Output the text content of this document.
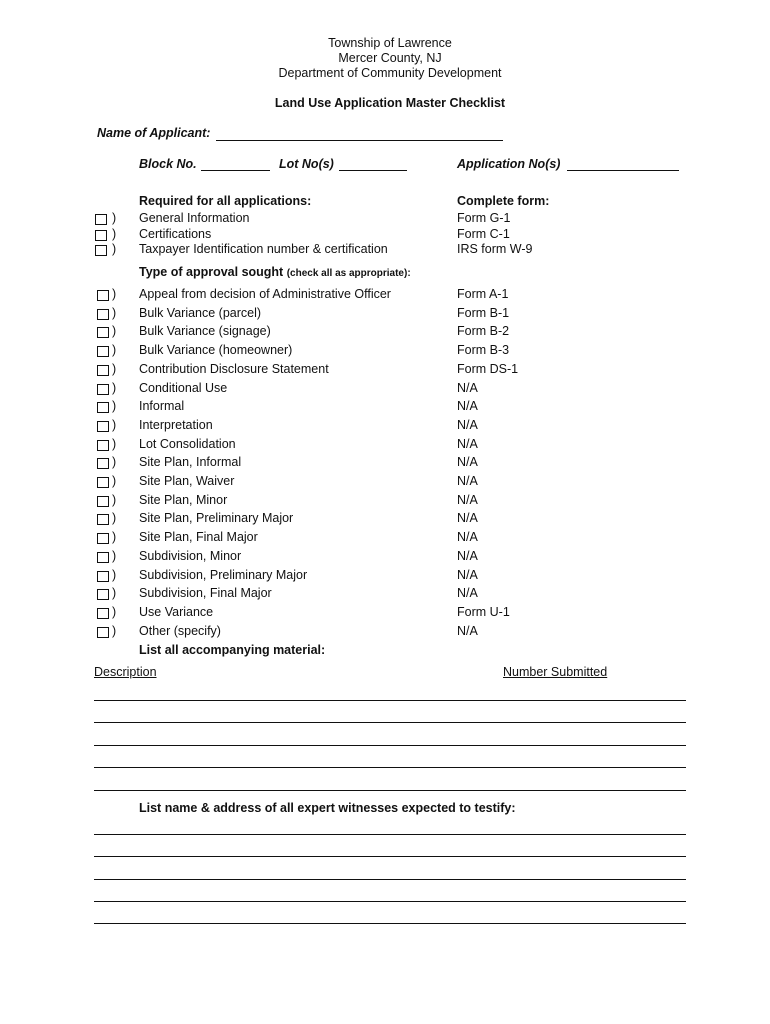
Township of Lawrence
Mercer County, NJ
Department of Community Development
Land Use Application Master Checklist
Name of Applicant:
Block No.	Lot No(s)	Application No(s)
Required for all applications:	Complete form:
) General Information	Form G-1
) Certifications	Form C-1
) Taxpayer Identification number & certification	IRS form W-9
Type of approval sought (check all as appropriate):
) Appeal from decision of Administrative Officer	Form A-1
) Bulk Variance (parcel)	Form B-1
) Bulk Variance (signage)	Form B-2
) Bulk Variance (homeowner)	Form B-3
) Contribution Disclosure Statement	Form DS-1
) Conditional Use	N/A
) Informal	N/A
) Interpretation	N/A
) Lot Consolidation	N/A
) Site Plan, Informal	N/A
) Site Plan, Waiver	N/A
) Site Plan, Minor	N/A
) Site Plan, Preliminary Major	N/A
) Site Plan, Final Major	N/A
) Subdivision, Minor	N/A
) Subdivision, Preliminary Major	N/A
) Subdivision, Final Major	N/A
) Use Variance	Form U-1
) Other (specify)	N/A
List all accompanying material:
Description	Number Submitted
List name & address of all expert witnesses expected to testify:
